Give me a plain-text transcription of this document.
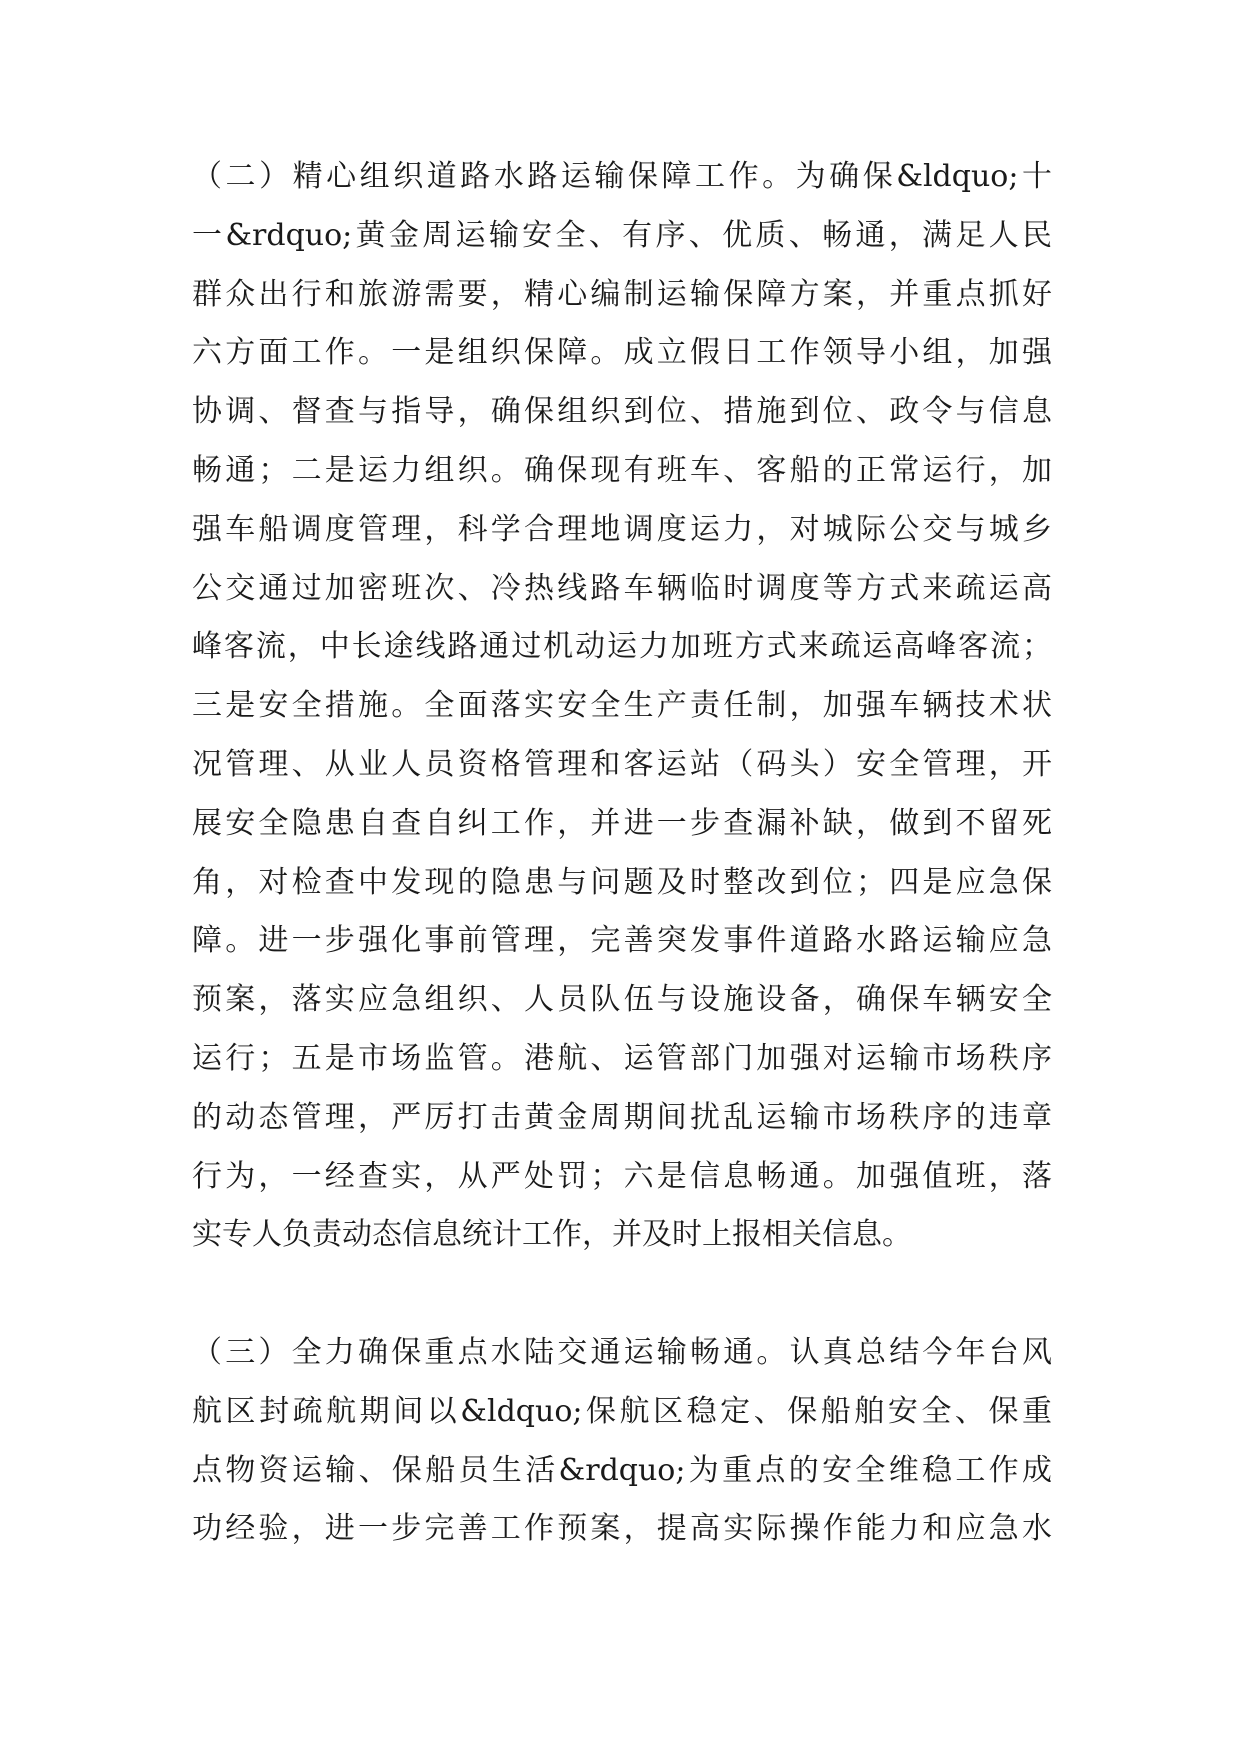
（二）精心组织道路水路运输保障工作。为确保&ldquo;十
一&rdquo;黄金周运输安全、有序、优质、畅通，满足人民
群众出行和旅游需要，精心编制运输保障方案，并重点抓好
六方面工作。一是组织保障。成立假日工作领导小组，加强
协调、督查与指导，确保组织到位、措施到位、政令与信息
畅通；二是运力组织。确保现有班车、客船的正常运行，加
强车船调度管理，科学合理地调度运力，对城际公交与城乡
公交通过加密班次、冷热线路车辆临时调度等方式来疏运高
峰客流，中长途线路通过机动运力加班方式来疏运高峰客流；
三是安全措施。全面落实安全生产责任制，加强车辆技术状
况管理、从业人员资格管理和客运站（码头）安全管理，开
展安全隐患自查自纠工作，并进一步查漏补缺，做到不留死
角，对检查中发现的隐患与问题及时整改到位；四是应急保
障。进一步强化事前管理，完善突发事件道路水路运输应急
预案，落实应急组织、人员队伍与设施设备，确保车辆安全
运行；五是市场监管。港航、运管部门加强对运输市场秩序
的动态管理，严厉打击黄金周期间扰乱运输市场秩序的违章
行为，一经查实，从严处罚；六是信息畅通。加强值班，落
实专人负责动态信息统计工作，并及时上报相关信息。
（三）全力确保重点水陆交通运输畅通。认真总结今年台风
航区封疏航期间以&ldquo;保航区稳定、保船舶安全、保重
点物资运输、保船员生活&rdquo;为重点的安全维稳工作成
功经验，进一步完善工作预案，提高实际操作能力和应急水
